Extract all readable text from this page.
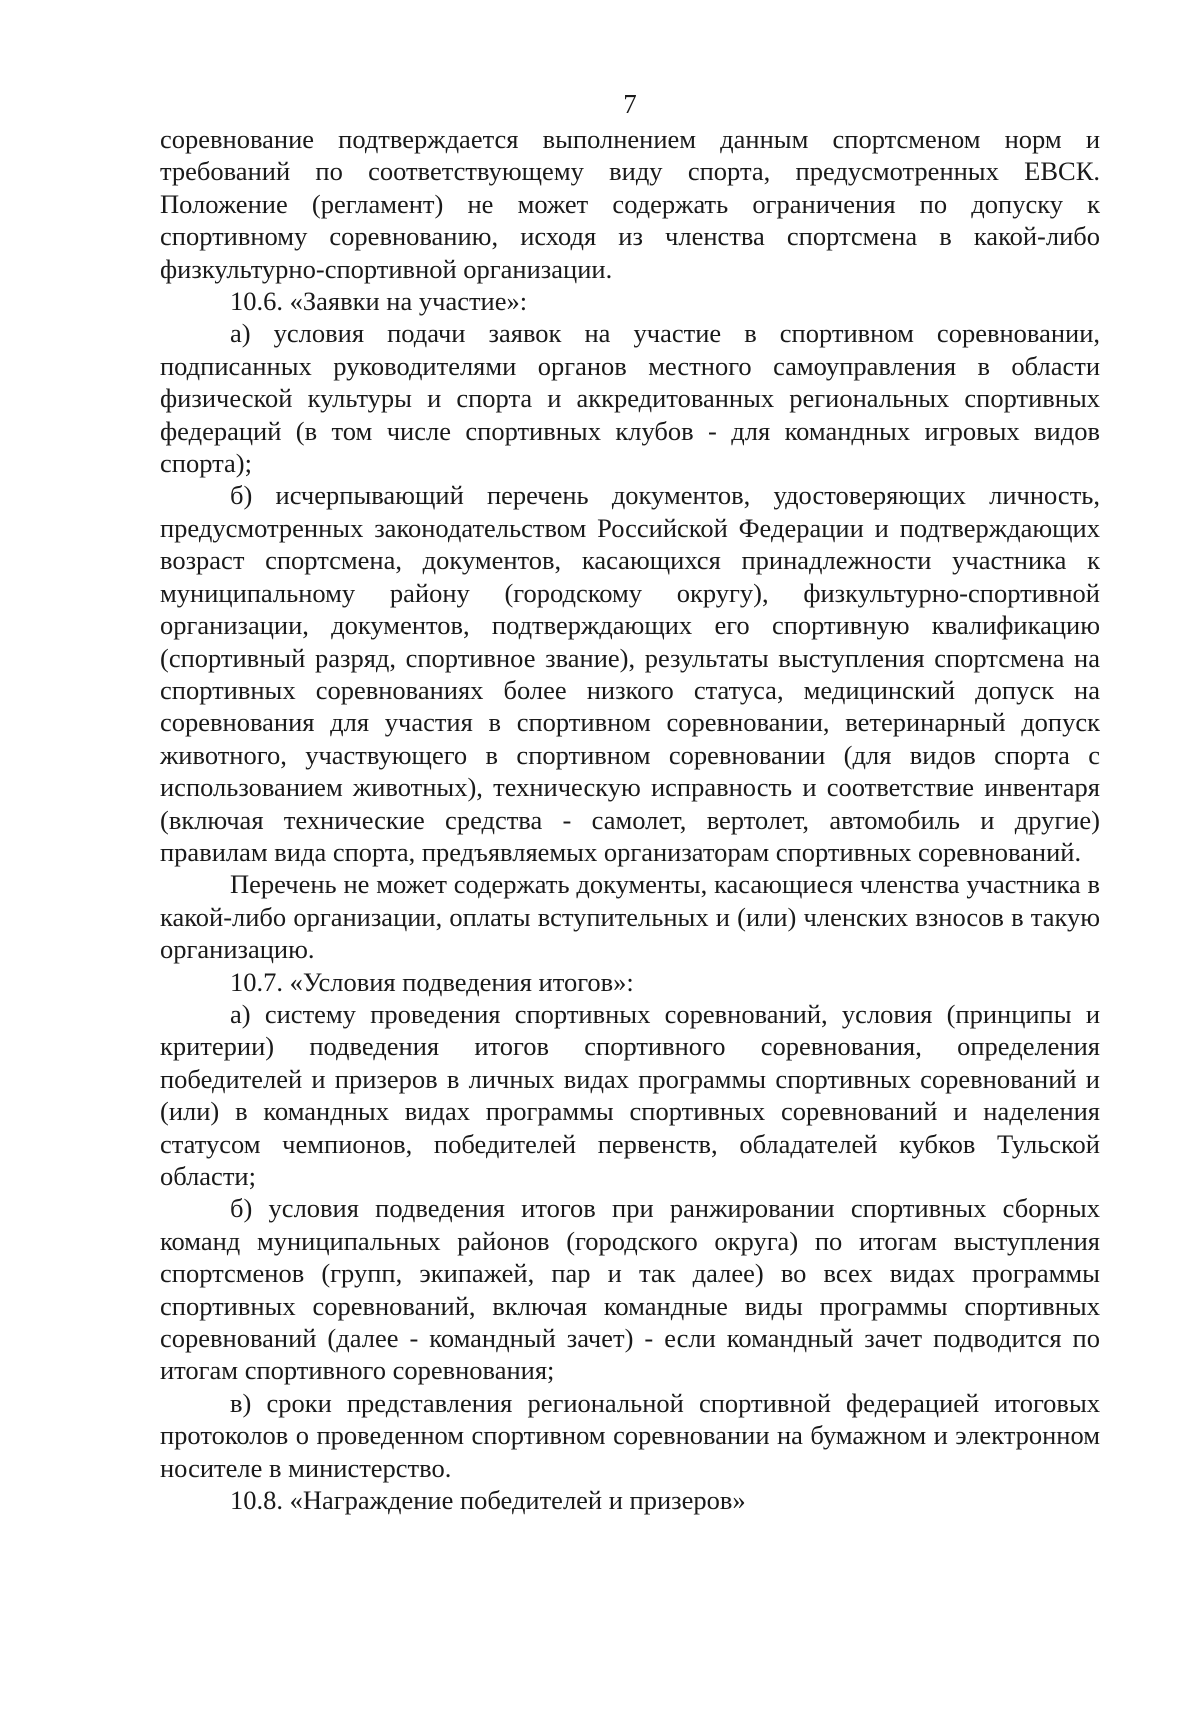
7

соревнование подтверждается выполнением данным спортсменом норм и требований по соответствующему виду спорта, предусмотренных ЕВСК. Положение (регламент) не может содержать ограничения по допуску к спортивному соревнованию, исходя из членства спортсмена в какой-либо физкультурно-спортивной организации.

10.6. «Заявки на участие»:

а) условия подачи заявок на участие в спортивном соревновании, подписанных руководителями органов местного самоуправления в области физической культуры и спорта и аккредитованных региональных спортивных федераций (в том числе спортивных клубов - для командных игровых видов спорта);

б) исчерпывающий перечень документов, удостоверяющих личность, предусмотренных законодательством Российской Федерации и подтверждающих возраст спортсмена, документов, касающихся принадлежности участника к муниципальному району (городскому округу), физкультурно-спортивной организации, документов, подтверждающих его спортивную квалификацию (спортивный разряд, спортивное звание), результаты выступления спортсмена на спортивных соревнованиях более низкого статуса, медицинский допуск на соревнования для участия в спортивном соревновании, ветеринарный допуск животного, участвующего в спортивном соревновании (для видов спорта с использованием животных), техническую исправность и соответствие инвентаря (включая технические средства - самолет, вертолет, автомобиль и другие) правилам вида спорта, предъявляемых организаторам спортивных соревнований.

Перечень не может содержать документы, касающиеся членства участника в какой-либо организации, оплаты вступительных и (или) членских взносов в такую организацию.

10.7. «Условия подведения итогов»:

а) систему проведения спортивных соревнований, условия (принципы и критерии) подведения итогов спортивного соревнования, определения победителей и призеров в личных видах программы спортивных соревнований и (или) в командных видах программы спортивных соревнований и наделения статусом чемпионов, победителей первенств, обладателей кубков Тульской области;

б) условия подведения итогов при ранжировании спортивных сборных команд муниципальных районов (городского округа) по итогам выступления спортсменов (групп, экипажей, пар и так далее) во всех видах программы спортивных соревнований, включая командные виды программы спортивных соревнований (далее - командный зачет) - если командный зачет подводится по итогам спортивного соревнования;

в) сроки представления региональной спортивной федерацией итоговых протоколов о проведенном спортивном соревновании на бумажном и электронном носителе в министерство.

10.8. «Награждение победителей и призеров»
